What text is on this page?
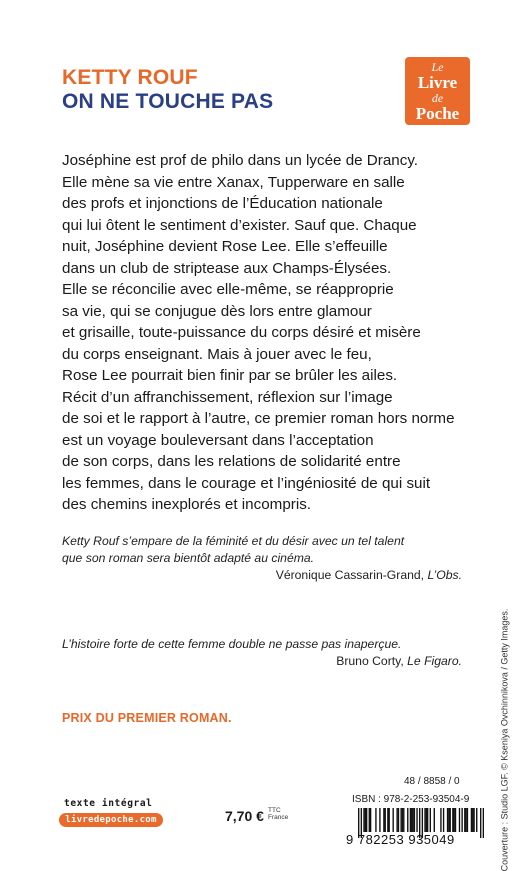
KETTY ROUF
ON NE TOUCHE PAS
Le
Livre
de
Poche
Joséphine est prof de philo dans un lycée de Drancy.
Elle mène sa vie entre Xanax, Tupperware en salle
des profs et injonctions de l’Éducation nationale
qui lui ôtent le sentiment d’exister. Sauf que. Chaque
nuit, Joséphine devient Rose Lee. Elle s’effeuille
dans un club de striptease aux Champs-Élysées.
Elle se réconcilie avec elle-même, se réapproprie
sa vie, qui se conjugue dès lors entre glamour
et grisaille, toute-puissance du corps désiré et misère
du corps enseignant. Mais à jouer avec le feu,
Rose Lee pourrait bien finir par se brûler les ailes.
Récit d’un affranchissement, réflexion sur l’image
de soi et le rapport à l’autre, ce premier roman hors norme
est un voyage bouleversant dans l’acceptation
de son corps, dans les relations de solidarité entre
les femmes, dans le courage et l’ingéniosité de qui suit
des chemins inexplorés et incompris.
Ketty Rouf s’empare de la féminité et du désir avec un tel talent
que son roman sera bientôt adapté au cinéma.
Véronique Cassarin-Grand, L’Obs.
L’histoire forte de cette femme double ne passe pas inaperçue.
Bruno Corty, Le Figaro.
PRIX DU PREMIER ROMAN.	Couverture : Studio LGF. © Kseniya Ovchinnikova / Getty Images.
texte intégral
livredepoche.com	7,70 € TTC
France
48 / 8858 / 0
ISBN : 978-2-253-93504-9
9 782253 935049
